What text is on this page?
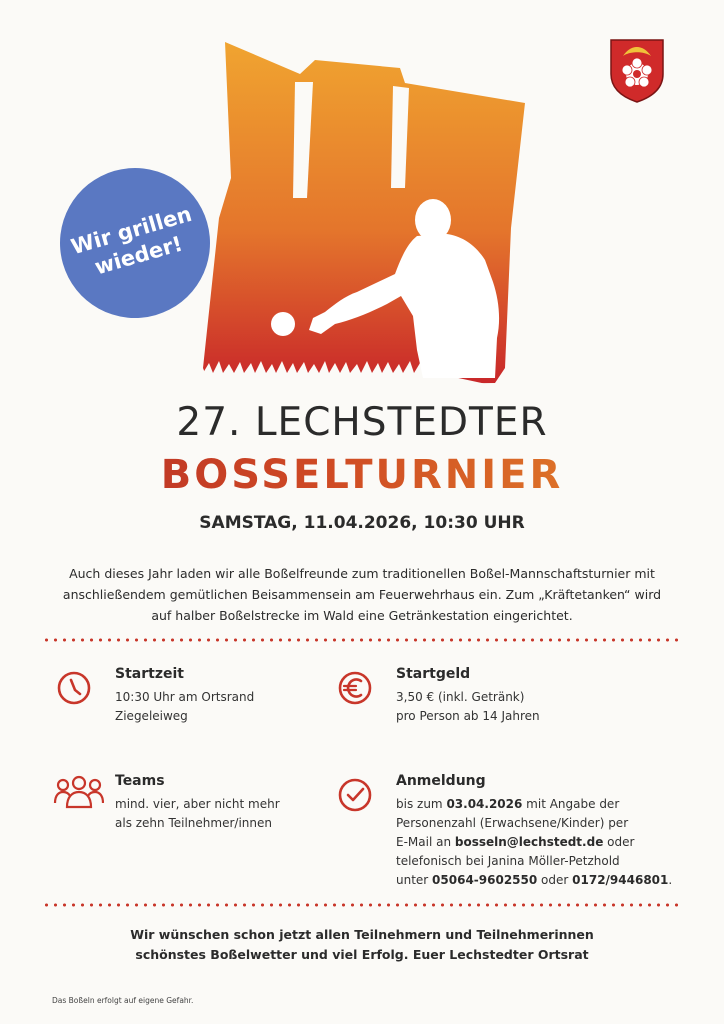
Wir grillen
wieder!
27. LECHSTEDTER
BOSSELTURNIER
SAMSTAG, 11.04.2026, 10:30 UHR
Auch dieses Jahr laden wir alle Boßelfreunde zum traditionellen Boßel-Mannschaftsturnier mit anschließendem gemütlichen Beisammensein am Feuerwehrhaus ein. Zum „Kräftetanken“ wird auf halber Boßelstrecke im Wald eine Getränkestation eingerichtet.
Startzeit
10:30 Uhr am Ortsrand
Ziegeleiweg
Startgeld
3,50 € (inkl. Getränk)
pro Person ab 14 Jahren
Teams
mind. vier, aber nicht mehr
als zehn Teilnehmer/innen
Anmeldung
bis zum 03.04.2026 mit Angabe der
Personenzahl (Erwachsene/Kinder) per
E-Mail an bosseln@lechstedt.de oder
telefonisch bei Janina Möller-Petzhold
unter 05064-9602550 oder 0172/9446801.
Wir wünschen schon jetzt allen Teilnehmern und Teilnehmerinnen
schönstes Boßelwetter und viel Erfolg. Euer Lechstedter Ortsrat
Das Boßeln erfolgt auf eigene Gefahr.
